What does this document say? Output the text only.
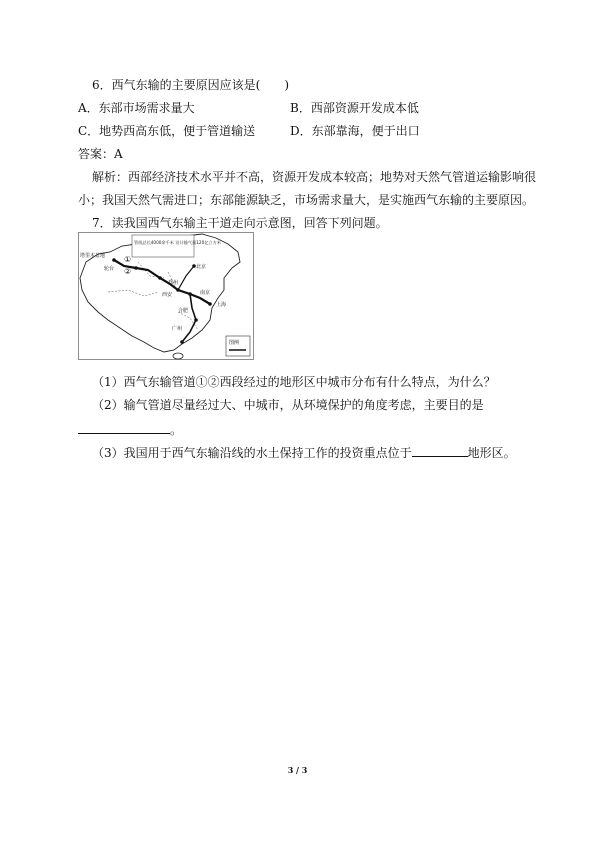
6．西气东输的主要原因应该是(　　)
A．东部市场需求量大	B．西部资源开发成本低
C．地势西高东低，便于管道输送	D．东部靠海，便于出口
答案：A
解析：西部经济技术水平并不高，资源开发成本较高；地势对天然气管道运输影响很
小；我国天然气需进口；东部能源缺乏，市场需求量大，是实施西气东输的主要原因。
7．读我国西气东输主干道走向示意图，回答下列问题。
管线总长4000余千米 设计输气量120亿立方米
塔里木盆地
轮台
①
②	北京
郑州
西安	南京
上海
合肥
广州
图例
（1）西气东输管道①②西段经过的地形区中城市分布有什么特点，为什么？
（2）输气管道尽量经过大、中城市，从环境保护的角度考虑，主要目的是
。
（3）我国用于西气东输沿线的水土保持工作的投资重点位于	地形区。
3 / 3
